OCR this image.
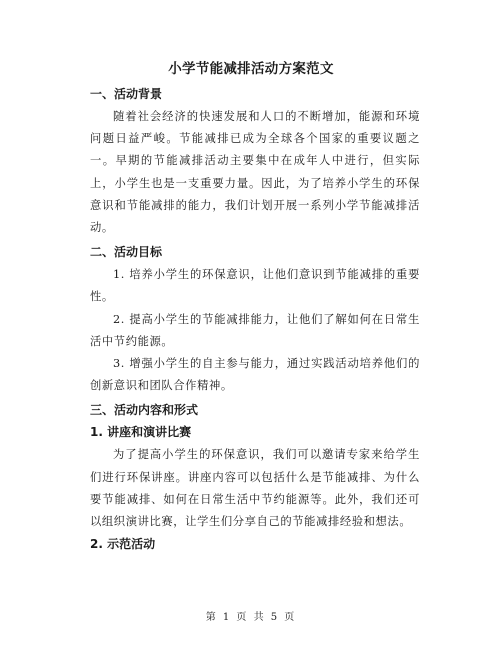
小学节能减排活动方案范文
一、活动背景

随着社会经济的快速发展和人口的不断增加，能源和环境问题日益严峻。节能减排已成为全球各个国家的重要议题之一。早期的节能减排活动主要集中在成年人中进行，但实际上，小学生也是一支重要力量。因此，为了培养小学生的环保意识和节能减排的能力，我们计划开展一系列小学节能减排活动。

二、活动目标

1. 培养小学生的环保意识，让他们意识到节能减排的重要性。

2. 提高小学生的节能减排能力，让他们了解如何在日常生活中节约能源。

3. 增强小学生的自主参与能力，通过实践活动培养他们的创新意识和团队合作精神。

三、活动内容和形式
1. 讲座和演讲比赛

为了提高小学生的环保意识，我们可以邀请专家来给学生们进行环保讲座。讲座内容可以包括什么是节能减排、为什么要节能减排、如何在日常生活中节约能源等。此外，我们还可以组织演讲比赛，让学生们分享自己的节能减排经验和想法。

2. 示范活动
第 1 页 共 5 页
